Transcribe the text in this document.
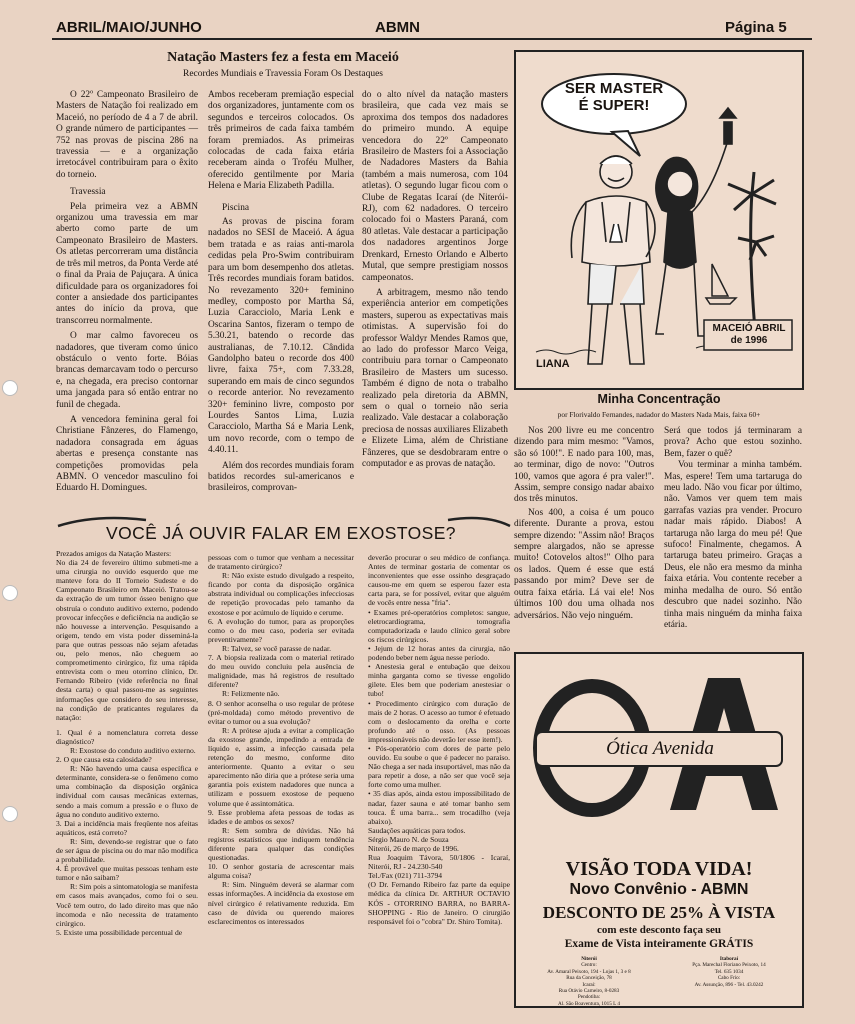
ABRIL/MAIO/JUNHO	ABMN	Página 5
Natação Masters fez a festa em Maceió
Recordes Mundiais e Travessia Foram Os Destaques

O 22º Campeonato Brasileiro de Masters de Natação foi realizado em Maceió, no período de 4 a 7 de abril. O grande número de participantes — 752 nas provas de piscina 286 na travessia — e a organização irretocável contribuiram para o êxito do torneio.

Travessia

Pela primeira vez a ABMN organizou uma travessia em mar aberto como parte de um Campeonato Brasileiro de Masters. Os atletas percorreram uma distância de três mil metros, da Ponta Verde até o final da Praia de Pajuçara. A única dificuldade para os organizadores foi conter a ansiedade dos participantes antes do início da prova, que transcorreu normalmente.

O mar calmo favoreceu os nadadores, que tiveram como único obstáculo o vento forte. Bóias brancas demarcavam todo o percurso e, na chegada, era preciso contornar uma jangada para só então entrar no funil de chegada.

A vencedora feminina geral foi Christiane Fânzeres, do Flamengo, nadadora consagrada em águas abertas e presença constante nas competições promovidas pela ABMN. O vencedor masculino foi Eduardo H. Domingues.

Ambos receberam premiação especial dos organizadores, juntamente com os segundos e terceiros colocados. Os três primeiros de cada faixa também foram premiados. As primeiras colocadas de cada faixa etária receberam ainda o Troféu Mulher, oferecido gentilmente por Maria Helena e Maria Elizabeth Padilla.

Piscina

As provas de piscina foram nadados no SESI de Maceió. A água bem tratada e as raias anti-marola cedidas pela Pro-Swim contribuiram para um bom desempenho dos atletas. Três recordes mundiais foram batidos. No revezamento 320+ feminino medley, composto por Martha Sá, Luzia Caracciolo, Maria Lenk e Oscarina Santos, fizeram o tempo de 5.30.21, batendo o recorde das australianas, de 7.10.12. Cândida Gandolpho bateu o recorde dos 400 livre, faixa 75+, com 7.33.28, superando em mais de cinco segundos o recorde anterior. No revezamento 320+ feminino livre, composto por Lourdes Santos Lima, Luzia Caracciolo, Martha Sá e Maria Lenk, um novo recorde, com o tempo de 4.40.11.

Além dos recordes mundiais foram batidos recordes sul-americanos e brasileiros, comprovan-

do o alto nível da natação masters brasileira, que cada vez mais se aproxima dos tempos dos nadadores do primeiro mundo. A equipe vencedora do 22º Campeonato Brasileiro de Masters foi a Associação de Nadadores Masters da Bahia (também a mais numerosa, com 104 atletas). O segundo lugar ficou com o Clube de Regatas Icaraí (de Niterói-RJ), com 62 nadadores. O terceiro colocado foi o Masters Paraná, com 80 atletas. Vale destacar a participação dos nadadores argentinos Jorge Drenkard, Ernesto Orlando e Alberto Mutal, que sempre prestigiam nossos campeonatos.

A arbitragem, mesmo não tendo experiência anterior em competições masters, superou as expectativas mais otimistas. A supervisão foi do professor Waldyr Mendes Ramos que, ao lado do professor Marco Veiga, contribuiu para tornar o Campeonato Brasileiro de Masters um sucesso. Também é digno de nota o trabalho realizado pela diretoria da ABMN, sem o qual o torneio não seria realizado. Vale destacar a colaboração preciosa de nossas auxiliares Elizabeth e Elizete Lima, além de Christiane Fânzeres, que se desdobraram entre o computador e as provas de natação.

SER MASTER É SUPER!
MACEIÓ ABRIL de 1996
LIANA
Minha Concentração
por Florivaldo Fernandes, nadador do Masters Nada Mais, faixa 60+

Nos 200 livre eu me concentro dizendo para mim mesmo: "Vamos, são só 100!". E nado para 100, mas, ao terminar, digo de novo: "Outros 100, vamos que agora é pra valer!". Assim, sempre consigo nadar abaixo dos três minutos.

Nos 400, a coisa é um pouco diferente. Durante a prova, estou sempre dizendo: "Assim não! Braços sempre alargados, não se apresse muito! Cotovelos altos!" Olho para os lados. Quem é esse que está passando por mim? Deve ser de outra faixa etária. Lá vai ele! Nos últimos 100 dou uma olhada nos adversários. Não vejo ninguém.

Será que todos já terminaram a prova? Acho que estou sozinho. Bem, fazer o quê?

Vou terminar a minha também. Mas, espere! Tem uma tartaruga do meu lado. Não vou ficar por último, não. Vamos ver quem tem mais garrafas vazias pra vender. Procuro nadar mais rápido. Diabos! A tartaruga não larga do meu pé! Que sufoco! Finalmente, chegamos. A tartaruga bateu primeiro. Graças a Deus, ele não era mesmo da minha faixa etária. Vou contente receber a minha medalha de ouro. Só então descubro que nadei sozinho. Não tinha mais ninguém da minha faixa etária.

VOCÊ JÁ OUVIR FALAR EM EXOSTOSE?

Prezados amigos da Natação Masters:

No dia 24 de fevereiro último submeti-me a uma cirurgia no ouvido esquerdo que me manteve fora do II Torneio Sudeste e do Campeonato Brasileiro em Maceió. Tratou-se da extração de um tumor ósseo benigno que obstruía o conduto auditivo externo, podendo provocar infecções e deficiência na audição se não houvesse a intervenção. Pesquisando a origem, tendo em vista poder disseminá-la para que outras pessoas não sejam afetadas ou, pelo menos, não cheguem ao comprometimento cirúrgico, fiz uma rápida entrevista com o meu otorrino clínico, Dr. Fernando Ribeiro (vide referência no final desta carta) o qual passou-me as seguintes informações que considero do seu interesse, na condição de praticantes regulares da natação:

1. Qual é a nomenclatura correta desse diagnóstico?

R: Exostose do conduto auditivo externo.

2. O que causa esta calosidade?

R: Não havendo uma causa específica e determinante, considera-se o fenômeno como uma combinação da disposição orgânica individual com causas mecânicas externas, sendo a mais comum a pressão e o fluxo de água no conduto auditivo externo.

3. Dai a incidência mais freqüente nos afeitas aquáticos, está correto?

R: Sim, devendo-se registrar que o fato de ser água de piscina ou do mar não modifica a probabilidade.

4. É provável que muitas pessoas tenham este tumor e não saibam?

R: Sim pois a sintomatologia se manifesta em casos mais avançados, como foi o seu. Você tem outro, do lado direito mas que não incomoda e não necessita de tratamento cirúrgico.

5. Existe uma possibilidade percentual de

pessoas com o tumor que venham a necessitar de tratamento cirúrgico?

R: Não existe estudo divulgado a respeito, ficando por conta da disposição orgânica abstrata individual ou complicações infecciosas de repetição provocadas pelo tamanho da exostose e por acúmulo de líquido e cerume.

6. A evolução do tumor, para as proporções como o do meu caso, poderia ser evitada preventivamente?

R: Talvez, se você parasse de nadar.

7. A biopsia realizada com o material retirado do meu ouvido concluiu pela ausência de malignidade, mas há registros de resultado diferente?

R: Felizmente não.

8. O senhor aconselha o uso regular de prótese (pré-moldada) como método preventivo de evitar o tumor ou a sua evolução?

R: A prótese ajuda a evitar a complicação da exostose grande, impedindo a entrada de líquido e, assim, a infecção causada pela retenção do mesmo, conforme dito anteriormente. Quanto a evitar o seu aparecimento não diria que a prótese seria uma garantia pois existem nadadores que nunca a utilizam e possuem exostose de pequeno volume que é assintomática.

9. Esse problema afeta pessoas de todas as idades e de ambos os sexos?

R: Sem sombra de dúvidas. Não há registros estatísticos que indiquem tendência diferente para qualquer das condições questionadas.

10. O senhor gostaria de acrescentar mais alguma coisa?

R: Sim. Ninguém deverá se alarmar com essas informações. A incidência da exostose em nível cirúrgico é relativamente reduzida. Em caso de dúvida ou querendo maiores esclarecimentos os interessados

deverão procurar o seu médico de confiança. Antes de terminar gostaria de comentar os inconvenientes que esse ossinho desgraçado causou-me em quem se esperou fazer esta carta para, se for possível, evitar que alguém de vocês entre nessa "fria".

• Exames pré-operatórios completos: sangue, eletrocardiograma, tomografia computadorizada e laudo clínico geral sobre os riscos cirúrgicos.

• Jejum de 12 horas antes da cirurgia, não podendo beber nem água nesse período.

• Anestesia geral e entubação que deixou minha garganta como se tivesse engolido gilete. Eles bem que poderiam anestesiar o tubo!

• Procedimento cirúrgico com duração de mais de 2 horas. O acesso ao tumor é efetuado com o deslocamento da orelha e corte profundo até o osso. (As pessoas impressionáveis não deverão ler esse item!).

• Pós-operatório com dores de parte pelo ouvido. Eu soube o que é padecer no paraíso. Não chega a ser nada insuportável, mas não da para repetir a dose, a não ser que você seja forte como uma mulher.

• 35 dias após, ainda estou impossibilitado de nadar, fazer sauna e até tomar banho sem touca. É uma barra... sem trocadilho (veja abaixo).

Saudações aquáticas para todos.

Sérgio Mauro N. de Souza

Niterói, 26 de março de 1996.

Rua Joaquim Távora, 50/1806 - Icaraí, Niterói, RJ - 24.230-540

Tel./Fax (021) 711-3794

(O Dr. Fernando Ribeiro faz parte da equipe médica da clínica Dr. ARTHUR OCTAVIO KÓS - OTORRINO BARRA, no BARRA-SHOPPING - Rio de Janeiro. O cirurgião responsável foi o "cobra" Dr. Shiro Tomita).

Ótica Avenida
VISÃO TODA VIDA!
Novo Convênio - ABMN
DESCONTO DE 25% À VISTA
com este desconto faça seu
Exame de Vista inteiramente GRÁTIS
Niterói
Centro:
Av. Amaral Peixoto, 194 - Lojas 1, 3 e 8
Rua da Conceição, 78
Icaraí:
Rua Otávio Carneiro, 8-0283
Pendotiba:
Al. São Boaventura, 1015 L 4
Itaboraí
Pça. Marechal Floriano Peixoto, 14
Tel. 635 1034
Cabo Frio:
Av. Assunção, 896 - Tel. 43.0242
